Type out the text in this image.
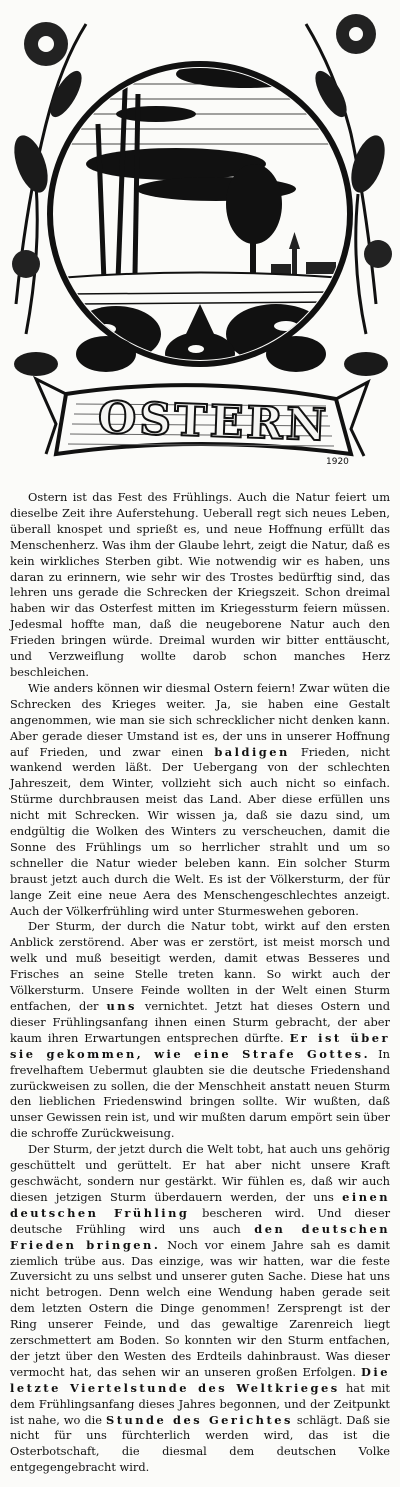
1920
OSTERN

Ostern ist das Fest des Frühlings. Auch die Natur feiert um dieselbe Zeit ihre Auferstehung. Ueberall regt sich neues Leben, überall knospet und sprießt es, und neue Hoffnung erfüllt das Menschenherz. Was ihm der Glaube lehrt, zeigt die Natur, daß es kein wirkliches Sterben gibt. Wie notwendig wir es haben, uns daran zu erinnern, wie sehr wir des Trostes bedürftig sind, das lehren uns gerade die Schrecken der Kriegszeit. Schon dreimal haben wir das Osterfest mitten im Kriegessturm feiern müssen. Jedesmal hoffte man, daß die neugeborene Natur auch den Frieden bringen würde. Dreimal wurden wir bitter enttäuscht, und Verzweiflung wollte darob schon manches Herz beschleichen.

Wie anders können wir diesmal Ostern feiern! Zwar wüten die Schrecken des Krieges weiter. Ja, sie haben eine Gestalt angenommen, wie man sie sich schrecklicher nicht denken kann. Aber gerade dieser Umstand ist es, der uns in unserer Hoffnung auf Frieden, und zwar einen baldigen Frieden, nicht wankend werden läßt. Der Uebergang von der schlechten Jahreszeit, dem Winter, vollzieht sich auch nicht so einfach. Stürme durchbrausen meist das Land. Aber diese erfüllen uns nicht mit Schrecken. Wir wissen ja, daß sie dazu sind, um endgültig die Wolken des Winters zu verscheuchen, damit die Sonne des Frühlings um so herrlicher strahlt und um so schneller die Natur wieder beleben kann. Ein solcher Sturm braust jetzt auch durch die Welt. Es ist der Völkersturm, der für lange Zeit eine neue Aera des Menschengeschlechtes anzeigt. Auch der Völkerfrühling wird unter Sturmeswehen geboren.

Der Sturm, der durch die Natur tobt, wirkt auf den ersten Anblick zerstörend. Aber was er zerstört, ist meist morsch und welk und muß beseitigt werden, damit etwas Besseres und Frisches an seine Stelle treten kann. So wirkt auch der Völkersturm. Unsere Feinde wollten in der Welt einen Sturm entfachen, der uns vernichtet. Jetzt hat dieses Ostern und dieser Frühlingsanfang ihnen einen Sturm gebracht, der aber kaum ihren Erwartungen entsprechen dürfte. Er ist über sie gekommen, wie eine Strafe Gottes. In frevelhaftem Uebermut glaubten sie die deutsche Friedenshand zurückweisen zu sollen, die der Menschheit anstatt neuen Sturm den lieblichen Friedenswind bringen sollte. Wir wußten, daß unser Gewissen rein ist, und wir mußten darum empört sein über die schroffe Zurückweisung.

Der Sturm, der jetzt durch die Welt tobt, hat auch uns gehörig geschüttelt und gerüttelt. Er hat aber nicht unsere Kraft geschwächt, sondern nur gestärkt. Wir fühlen es, daß wir auch diesen jetzigen Sturm überdauern werden, der uns einen deutschen Frühling bescheren wird. Und dieser deutsche Frühling wird uns auch den deutschen Frieden bringen. Noch vor einem Jahre sah es damit ziemlich trübe aus. Das einzige, was wir hatten, war die feste Zuversicht zu uns selbst und unserer guten Sache. Diese hat uns nicht betrogen. Denn welch eine Wendung haben gerade seit dem letzten Ostern die Dinge genommen! Zersprengt ist der Ring unserer Feinde, und das gewaltige Zarenreich liegt zerschmettert am Boden. So konnten wir den Sturm entfachen, der jetzt über den Westen des Erdteils dahinbraust. Was dieser vermocht hat, das sehen wir an unseren großen Erfolgen. Die letzte Viertelstunde des Weltkrieges hat mit dem Frühlingsanfang dieses Jahres begonnen, und der Zeitpunkt ist nahe, wo die Stunde des Gerichtes schlägt. Daß sie nicht für uns fürchterlich werden wird, das ist die Osterbotschaft, die diesmal dem deutschen Volke entgegengebracht wird.
